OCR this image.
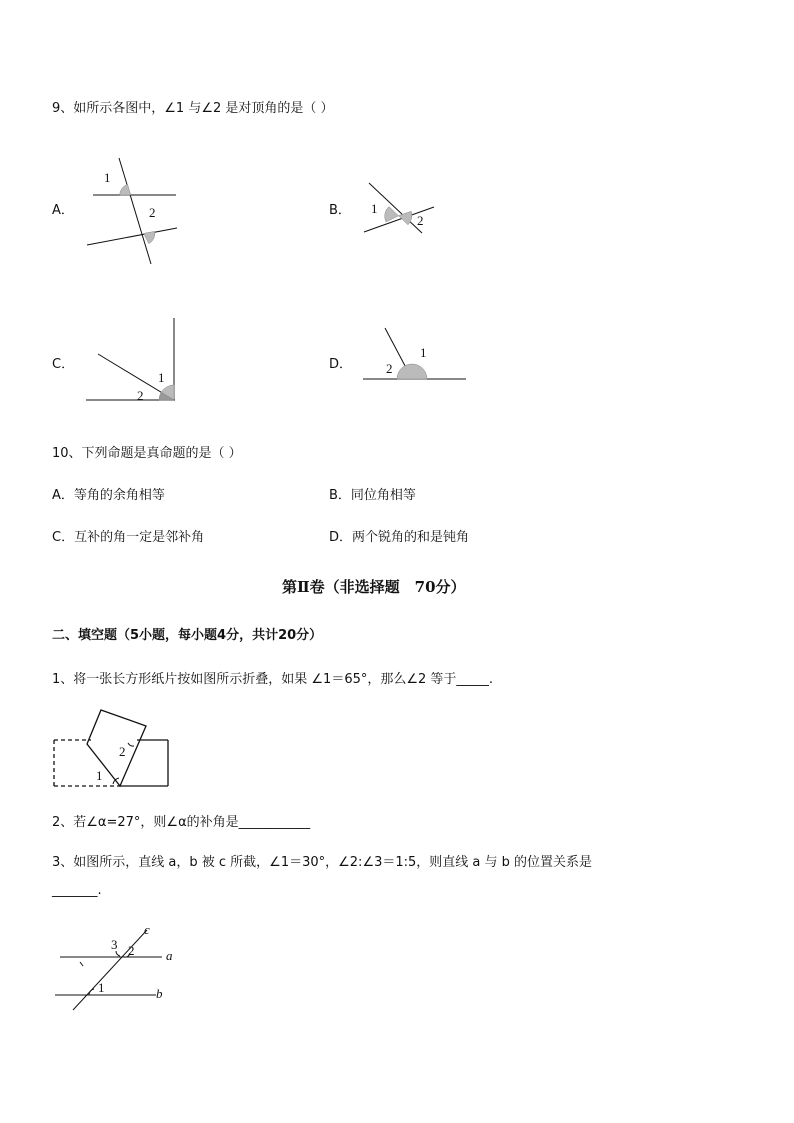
9、如所示各图中，∠1 与∠2 是对顶角的是（ ）
A．
1
2	B． 1
2
C．
1
2
D．
1
2
10、下列命题是真命题的是（ ）
A．等角的余角相等	B．同位角相等
C．互补的角一定是邻补角	D．两个锐角的和是钝角
第Ⅱ卷（非选择题　70分）
二、填空题（5小题，每小题4分，共计20分）
1、将一张长方形纸片按如图所示折叠，如果 ∠1＝65°，那么∠2 等于_____.
1
2
2、若∠α=27°，则∠α的补角是___________
3、如图所示，直线 a，b 被 c 所截，∠1＝30°，∠2:∠3＝1:5，则直线 a 与 b 的位置关系是
_______.
1
2
3
a
b
c
